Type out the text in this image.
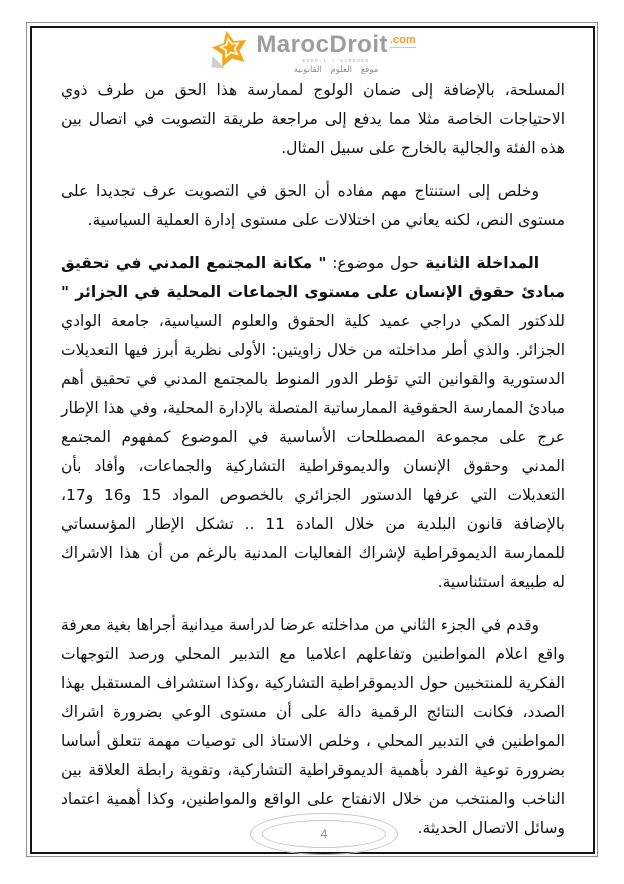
MarocDroit .com
EXOR.I | SCROOEO
موقع العلوم القانونية

المسلحة، بالإضافة إلى ضمان الولوج لممارسة هذا الحق من طرف ذوي الاحتياجات الخاصة مثلا مما يدفع إلى مراجعة طريقة التصويت في اتصال بين هذه الفئة والجالية بالخارج على سبيل المثال.

وخلص إلى استنتاج مهم مفاده أن الحق في التصويت عرف تجديدا على مستوى النص، لكنه يعاني من اختلالات على مستوى إدارة العملية السياسية.

المداخلة الثانية حول موضوع: " مكانة المجتمع المدني في تحقيق مبادئ حقوق الإنسان على مستوى الجماعات المحلية في الجزائر " للدكتور المكي دراجي عميد كلية الحقوق والعلوم السياسية، جامعة الوادي الجزائر. والذي أطر مداخلته من خلال زاويتين: الأولى نظرية أبرز فيها التعديلات الدستورية والقوانين التي تؤطر الدور المنوط بالمجتمع المدني في تحقيق أهم مبادئ الممارسة الحقوقية الممارساتية المتصلة بالإدارة المحلية، وفي هذا الإطار عرج على مجموعة المصطلحات الأساسية في الموضوع كمفهوم المجتمع المدني وحقوق الإنسان والديموقراطية التشاركية والجماعات، وأفاد بأن التعديلات التي عرفها الدستور الجزائري بالخصوص المواد 15 و16 و17، بالإضافة قانون البلدية من خلال المادة 11 .. تشكل الإطار المؤسساتي للممارسة الديموقراطية لإشراك الفعاليات المدنية بالرغم من أن هذا الاشراك له طبيعة استئناسية.

وقدم في الجزء الثاني من مداخلته عرضا لدراسة ميدانية أجراها بغية معرفة واقع اعلام المواطنين وتفاعلهم اعلاميا مع التدبير المحلي ورصد التوجهات الفكرية للمنتخبين حول الديموقراطية التشاركية ،وكذا استشراف المستقبل بهذا الصدد، فكانت النتائج الرقمية دالة على أن مستوى الوعي بضرورة اشراك المواطنين في التدبير المحلي ، وخلص الاستاذ الى توصيات مهمة تتعلق أساسا بضرورة توعية الفرد بأهمية الديموقراطية التشاركية، وتقوية رابطة العلاقة بين الناخب والمنتخب من خلال الانفتاح على الواقع والمواطنين، وكذا أهمية اعتماد وسائل الاتصال الحديثة.

4
